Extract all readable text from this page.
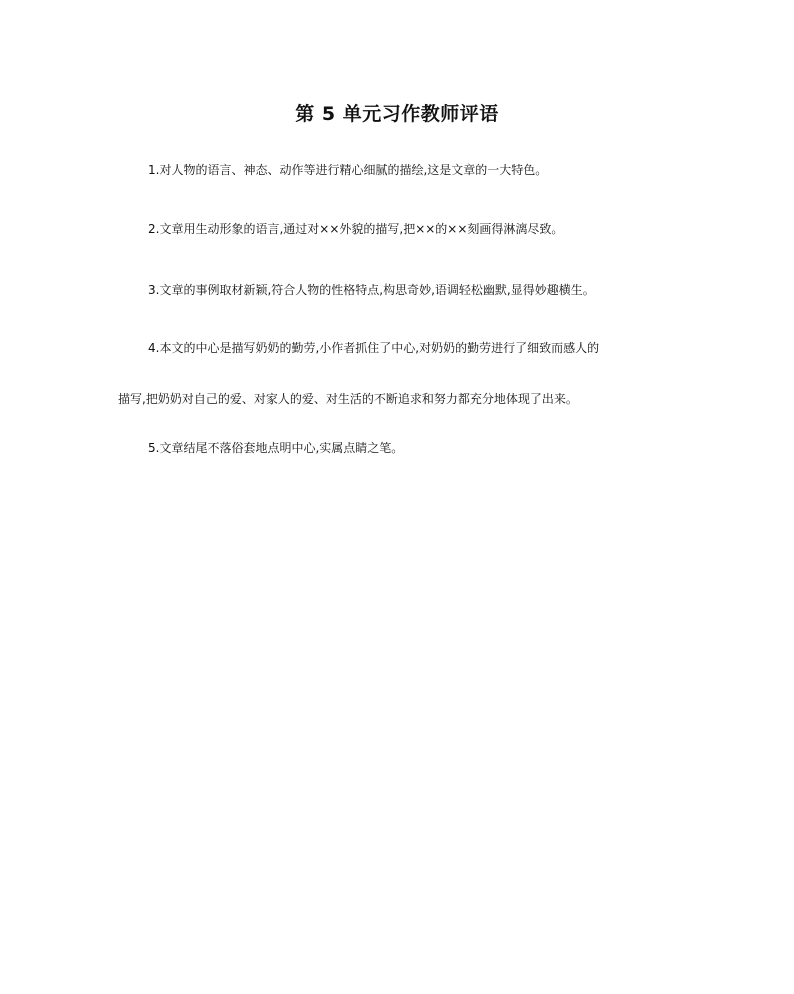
第 5 单元习作教师评语

1.对人物的语言、神态、动作等进行精心细腻的描绘,这是文章的一大特色。

2.文章用生动形象的语言,通过对××外貌的描写,把××的××刻画得淋漓尽致。

3.文章的事例取材新颖,符合人物的性格特点,构思奇妙,语调轻松幽默,显得妙趣横生。

4.本文的中心是描写奶奶的勤劳,小作者抓住了中心,对奶奶的勤劳进行了细致而感人的
描写,把奶奶对自己的爱、对家人的爱、对生活的不断追求和努力都充分地体现了出来。

5.文章结尾不落俗套地点明中心,实属点睛之笔。
